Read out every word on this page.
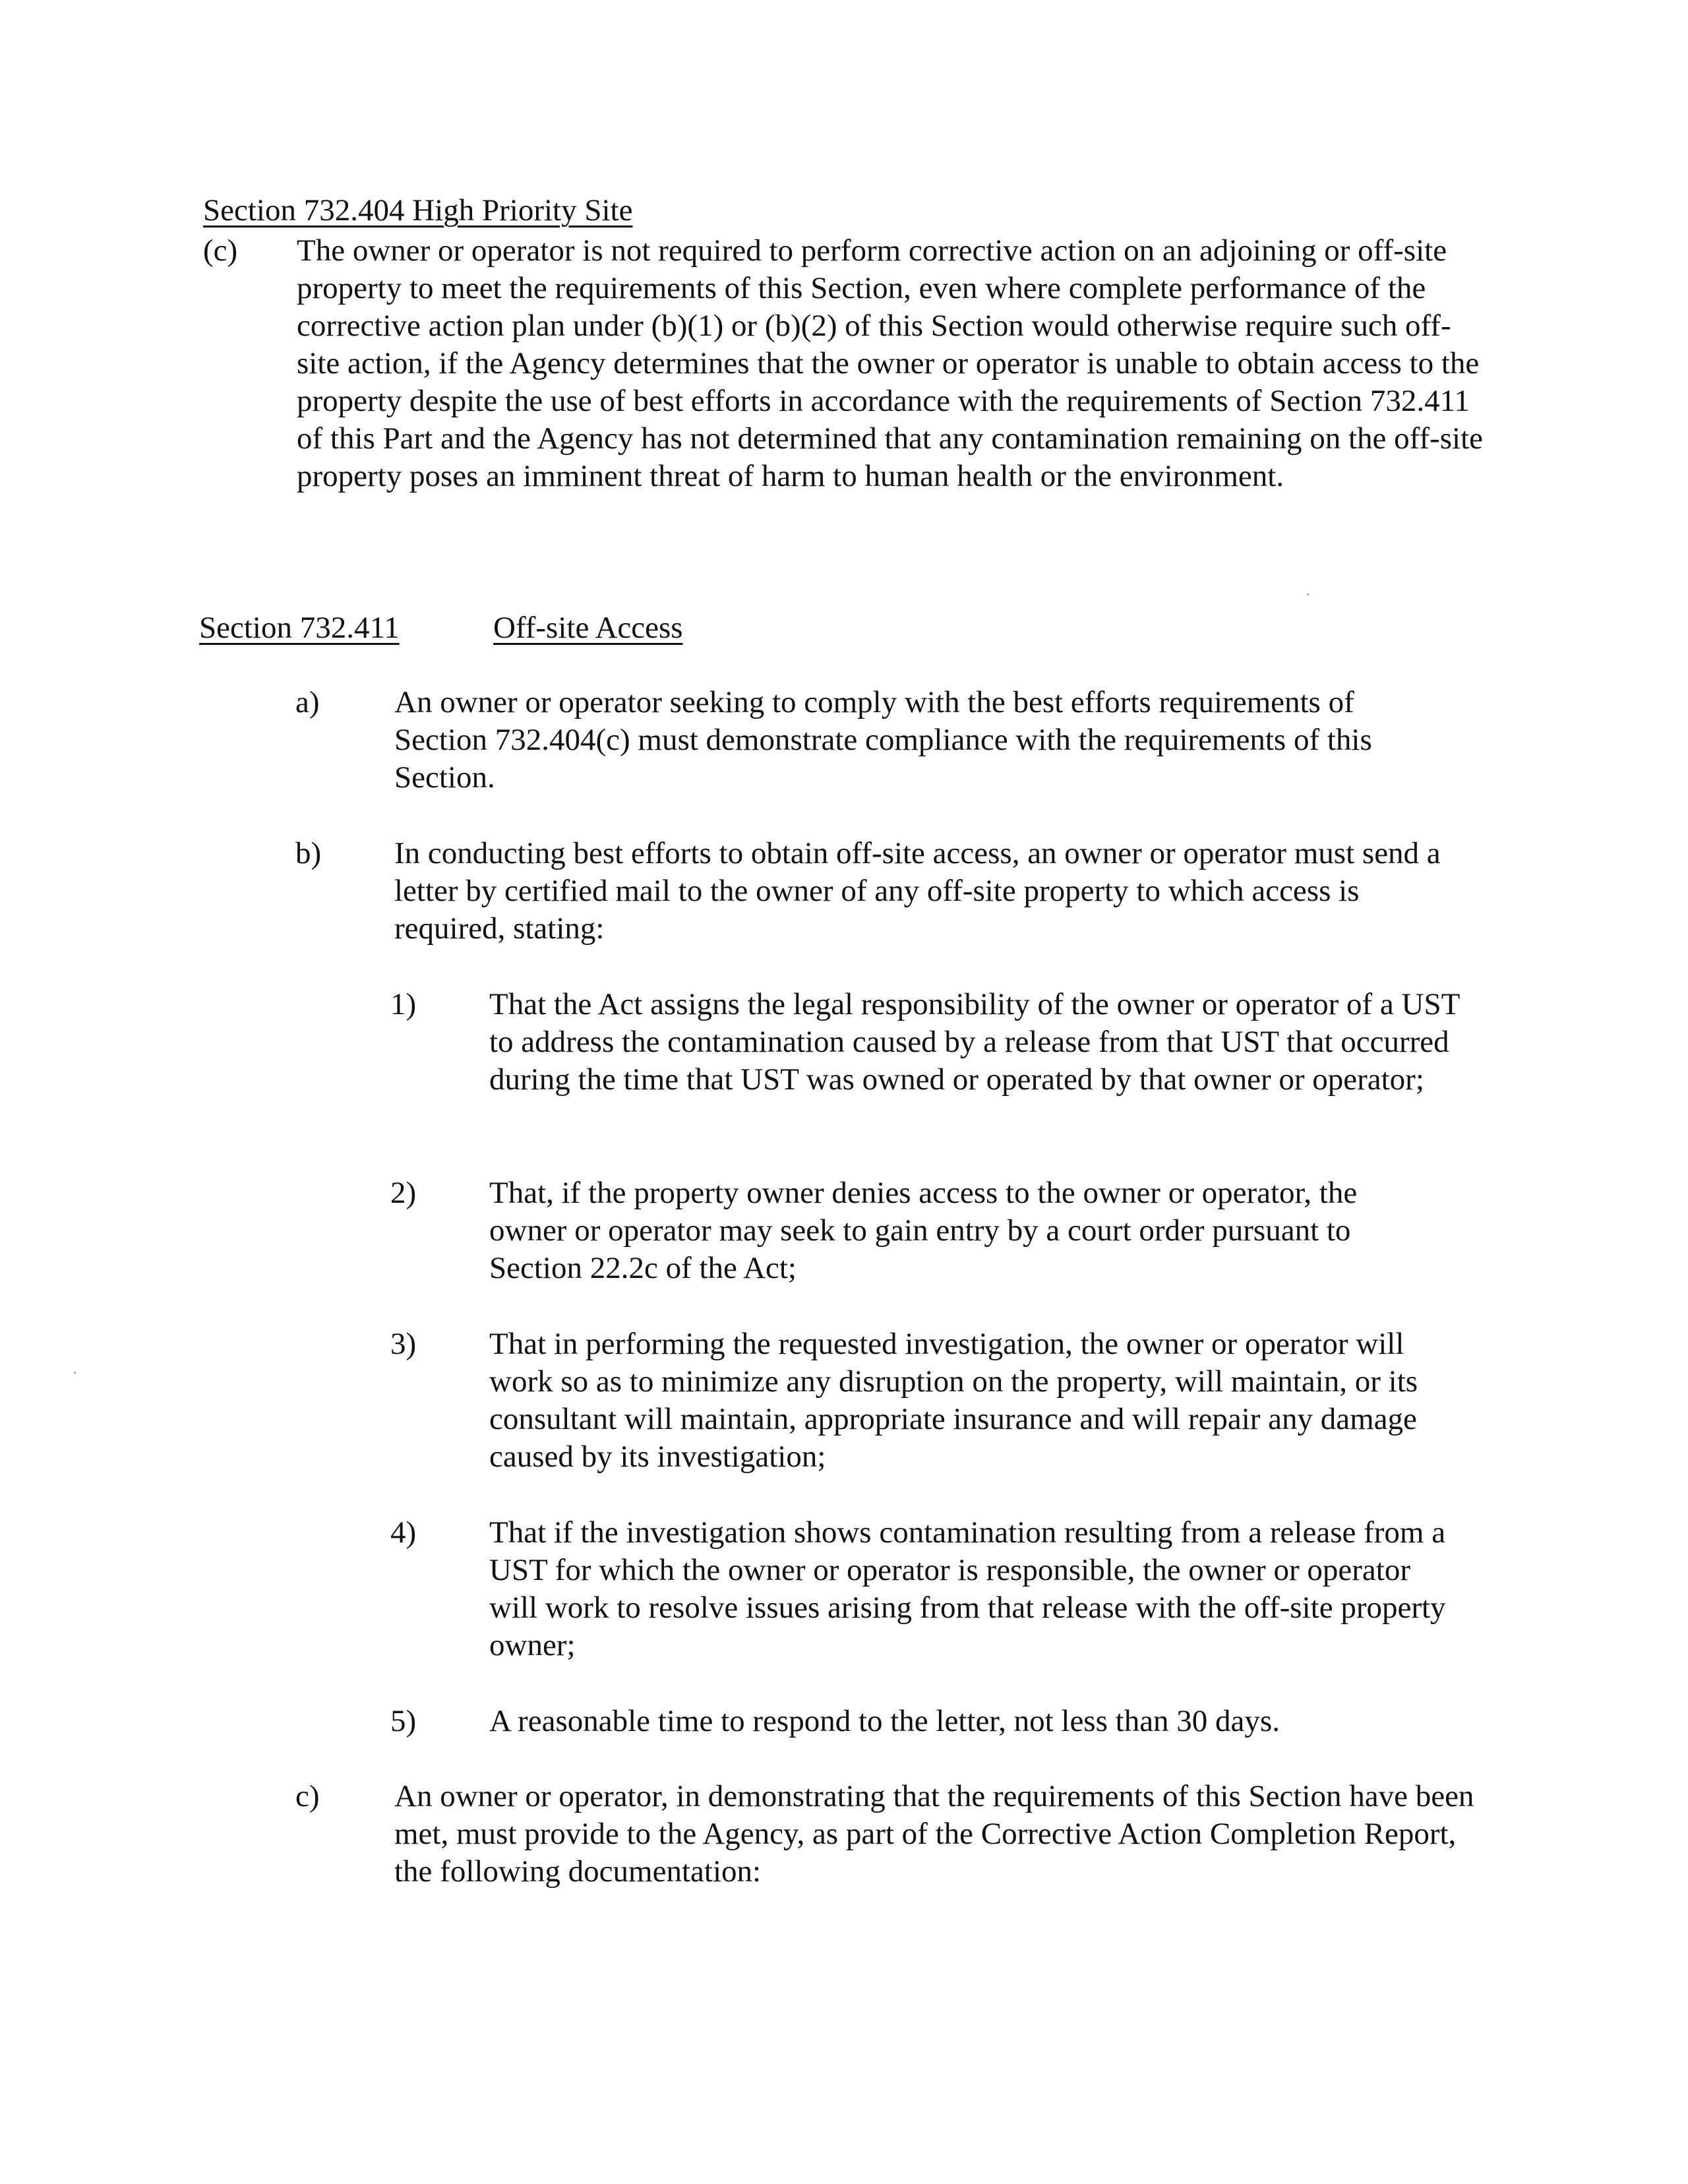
Section 732.404 High Priority Site
(c) The owner or operator is not required to perform corrective action on an adjoining or off-site property to meet the requirements of this Section, even where complete performance of the corrective action plan under (b)(1) or (b)(2) of this Section would otherwise require such off-site action, if the Agency determines that the owner or operator is unable to obtain access to the property despite the use of best efforts in accordance with the requirements of Section 732.411 of this Part and the Agency has not determined that any contamination remaining on the off-site property poses an imminent threat of harm to human health or the environment.
Section 732.411	Off-site Access
a) An owner or operator seeking to comply with the best efforts requirements of Section 732.404(c) must demonstrate compliance with the requirements of this Section.
b) In conducting best efforts to obtain off-site access, an owner or operator must send a letter by certified mail to the owner of any off-site property to which access is required, stating:
1) That the Act assigns the legal responsibility of the owner or operator of a UST to address the contamination caused by a release from that UST that occurred during the time that UST was owned or operated by that owner or operator;
2) That, if the property owner denies access to the owner or operator, the owner or operator may seek to gain entry by a court order pursuant to Section 22.2c of the Act;
3) That in performing the requested investigation, the owner or operator will work so as to minimize any disruption on the property, will maintain, or its consultant will maintain, appropriate insurance and will repair any damage caused by its investigation;
4) That if the investigation shows contamination resulting from a release from a UST for which the owner or operator is responsible, the owner or operator will work to resolve issues arising from that release with the off-site property owner;
5) A reasonable time to respond to the letter, not less than 30 days.
c) An owner or operator, in demonstrating that the requirements of this Section have been met, must provide to the Agency, as part of the Corrective Action Completion Report, the following documentation:
